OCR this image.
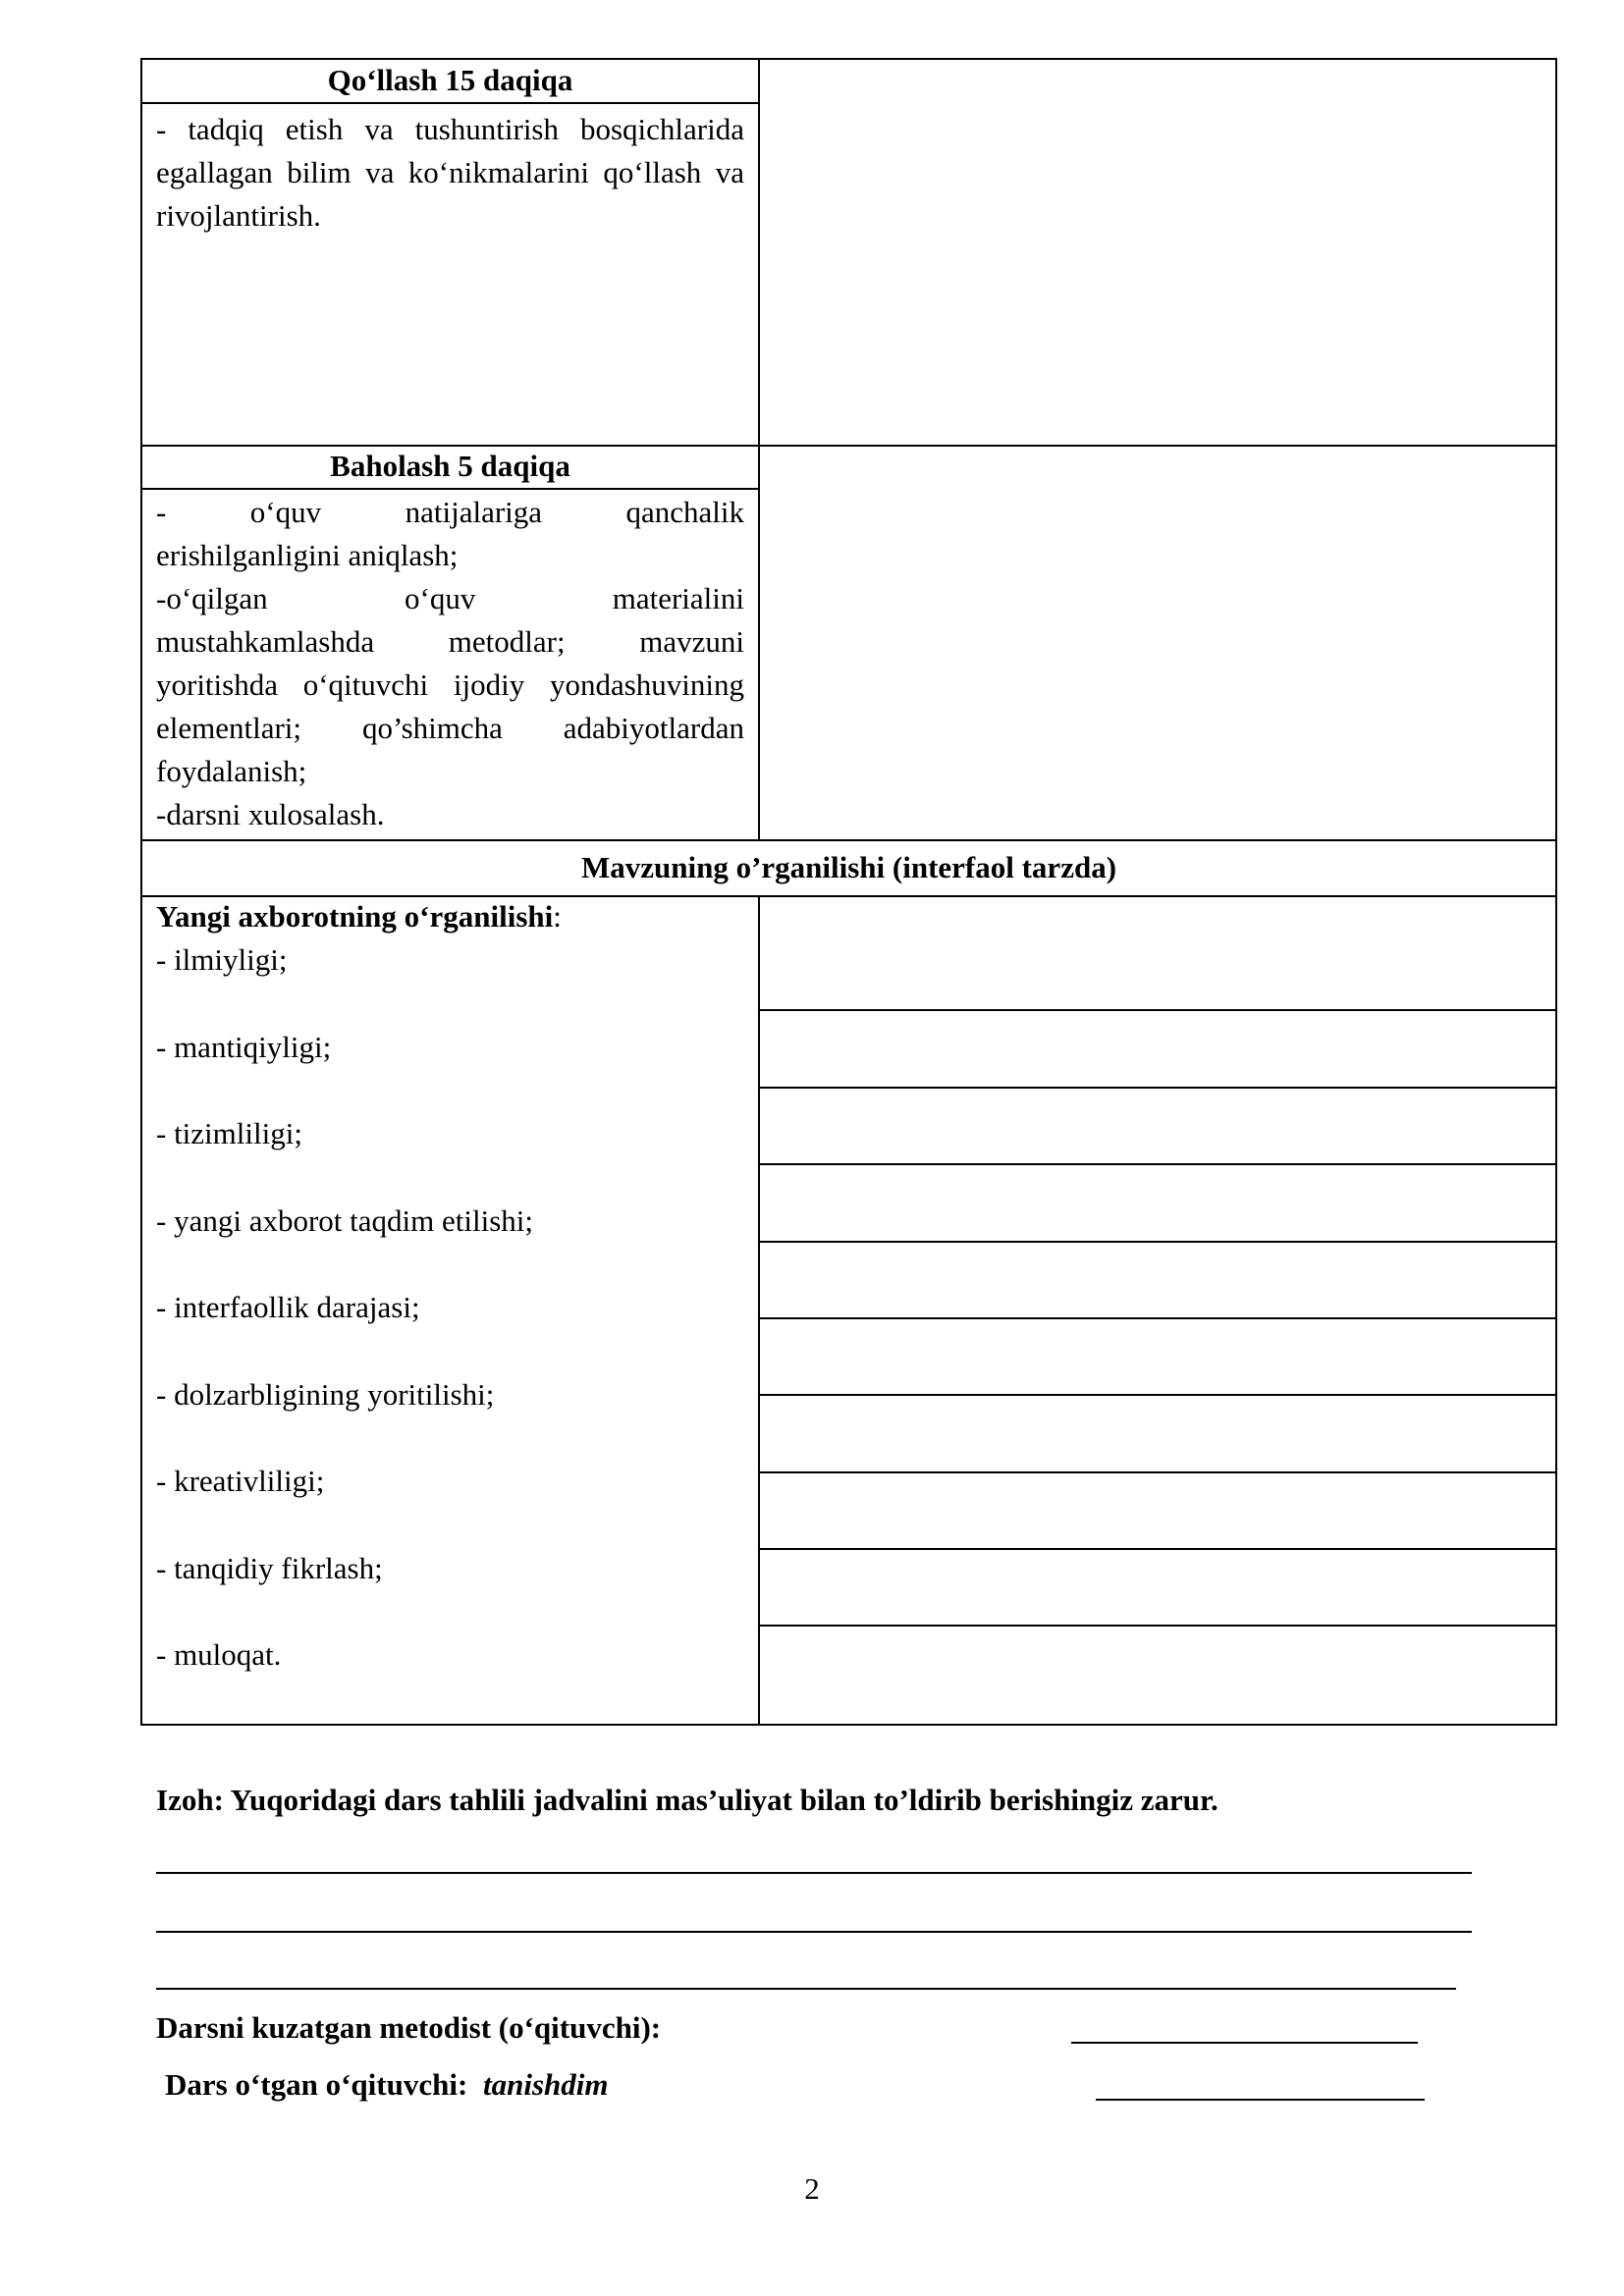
Qo‘llash 15 daqiqa
- tadqiq etish va tushuntirish bosqichlarida egallagan bilim va ko‘nikmalarini qo‘llash va rivojlantirish.
Baholash 5 daqiqa
- o‘quv natijalariga qanchalik
erishilganligini aniqlash;
-o‘qilgan o‘quv materialini
mustahkamlashda metodlar; mavzuni
yoritishda o‘qituvchi ijodiy yondashuvining
elementlari; qo’shimcha adabiyotlardan
foydalanish;
-darsni xulosalash.
Mavzuning o’rganilishi (interfaol tarzda)
Yangi axborotning o‘rganilishi:
- ilmiyligi;
- mantiqiyligi;
- tizimliligi;
- yangi axborot taqdim etilishi;
- interfaollik darajasi;
- dolzarbligining yoritilishi;
- kreativliligi;
- tanqidiy fikrlash;
- muloqat.
Izoh: Yuqoridagi dars tahlili jadvalini mas’uliyat bilan to’ldirib berishingiz zarur.
Darsni kuzatgan metodist (o‘qituvchi):
Dars o‘tgan o‘qituvchi: tanishdim
2
